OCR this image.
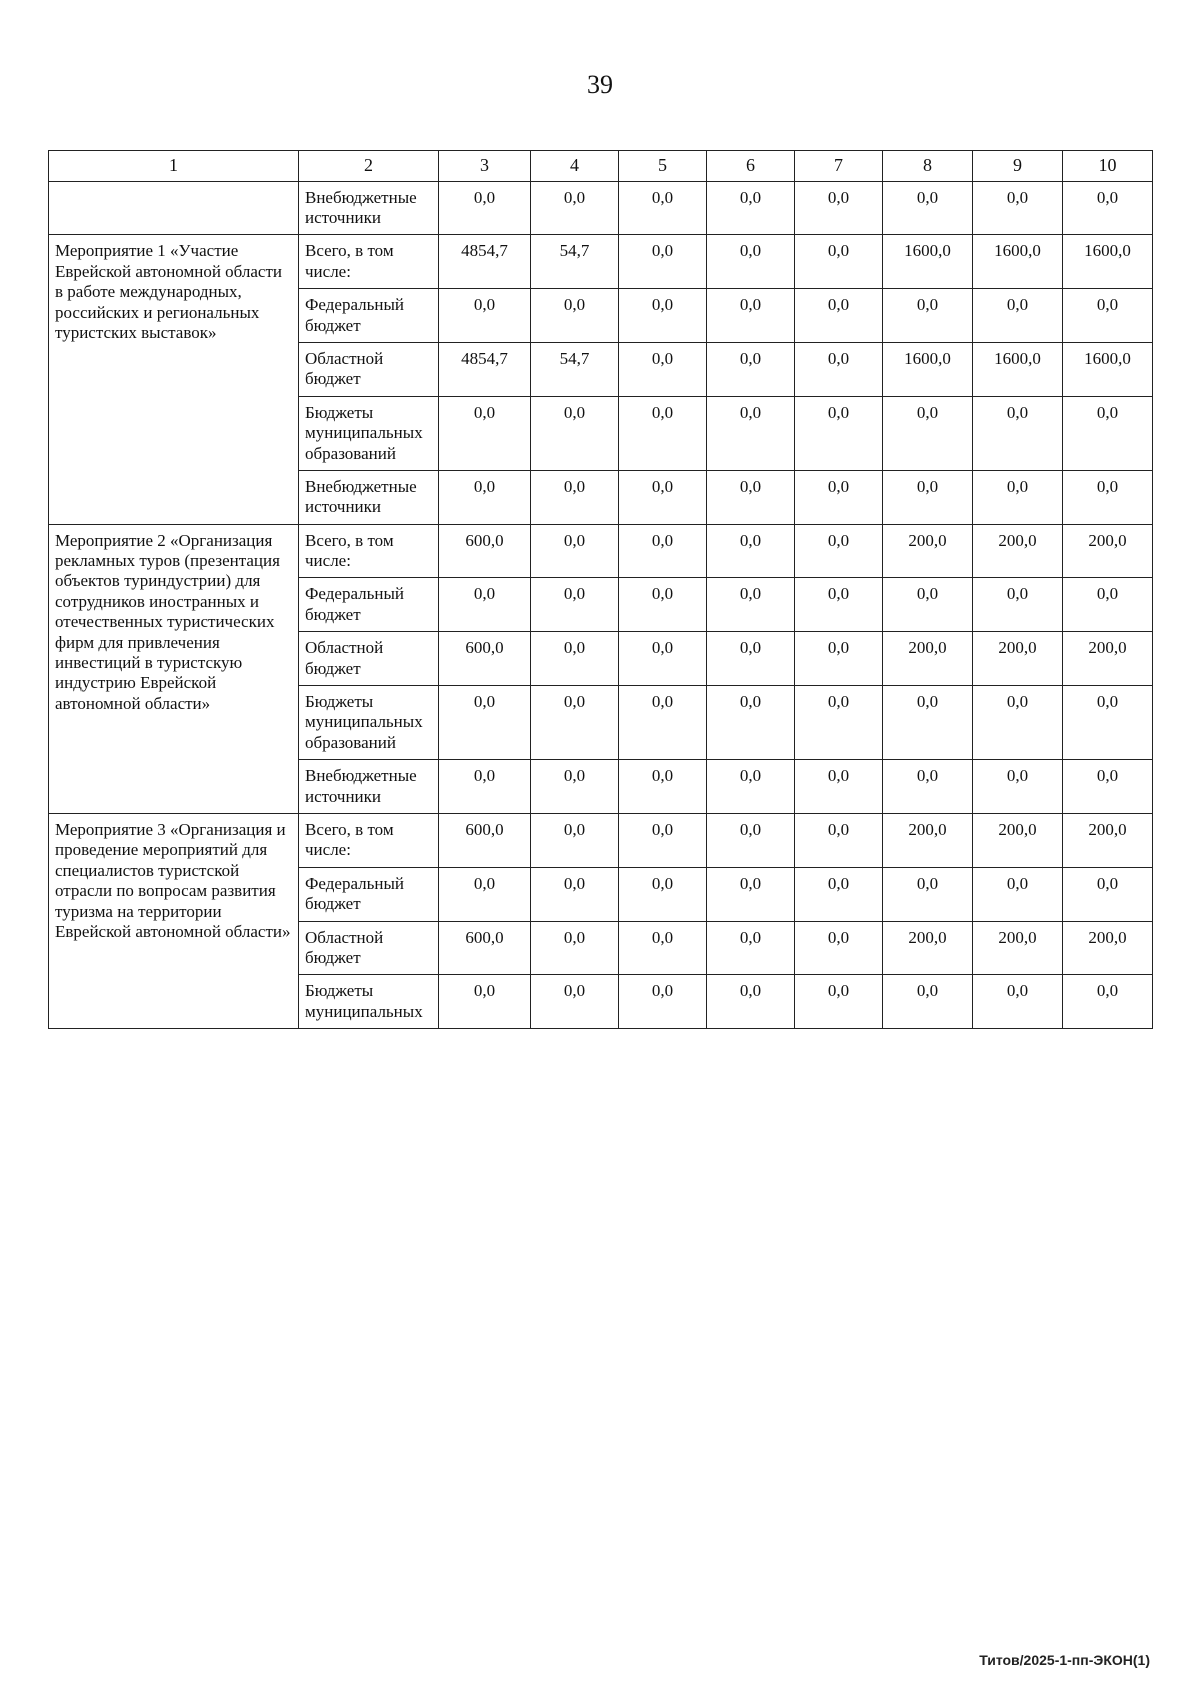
39
1	2	3	4	5	6	7	8	9	10
	Внебюджетные источники	0,0	0,0	0,0	0,0	0,0	0,0	0,0	0,0
Мероприятие 1 «Участие Еврейской автономной области в работе международных, российских и региональных туристских выставок»	Всего, в том числе:	4854,7	54,7	0,0	0,0	0,0	1600,0	1600,0	1600,0
	Федеральный бюджет	0,0	0,0	0,0	0,0	0,0	0,0	0,0	0,0
	Областной бюджет	4854,7	54,7	0,0	0,0	0,0	1600,0	1600,0	1600,0
	Бюджеты муниципальных образований	0,0	0,0	0,0	0,0	0,0	0,0	0,0	0,0
	Внебюджетные источники	0,0	0,0	0,0	0,0	0,0	0,0	0,0	0,0
Мероприятие 2 «Организация рекламных туров (презентация объектов туриндустрии) для сотрудников иностранных и отечественных туристических фирм для привлечения инвестиций в туристскую индустрию Еврейской автономной области»	Всего, в том числе:	600,0	0,0	0,0	0,0	0,0	200,0	200,0	200,0
	Федеральный бюджет	0,0	0,0	0,0	0,0	0,0	0,0	0,0	0,0
	Областной бюджет	600,0	0,0	0,0	0,0	0,0	200,0	200,0	200,0
	Бюджеты муниципальных образований	0,0	0,0	0,0	0,0	0,0	0,0	0,0	0,0
	Внебюджетные источники	0,0	0,0	0,0	0,0	0,0	0,0	0,0	0,0
Мероприятие 3 «Организация и проведение мероприятий для специалистов туристской отрасли по вопросам развития туризма на территории Еврейской автономной области»	Всего, в том числе:	600,0	0,0	0,0	0,0	0,0	200,0	200,0	200,0
	Федеральный бюджет	0,0	0,0	0,0	0,0	0,0	0,0	0,0	0,0
	Областной бюджет	600,0	0,0	0,0	0,0	0,0	200,0	200,0	200,0
	Бюджеты муниципальных	0,0	0,0	0,0	0,0	0,0	0,0	0,0	0,0
Титов/2025-1-пп-ЭКОН(1)
